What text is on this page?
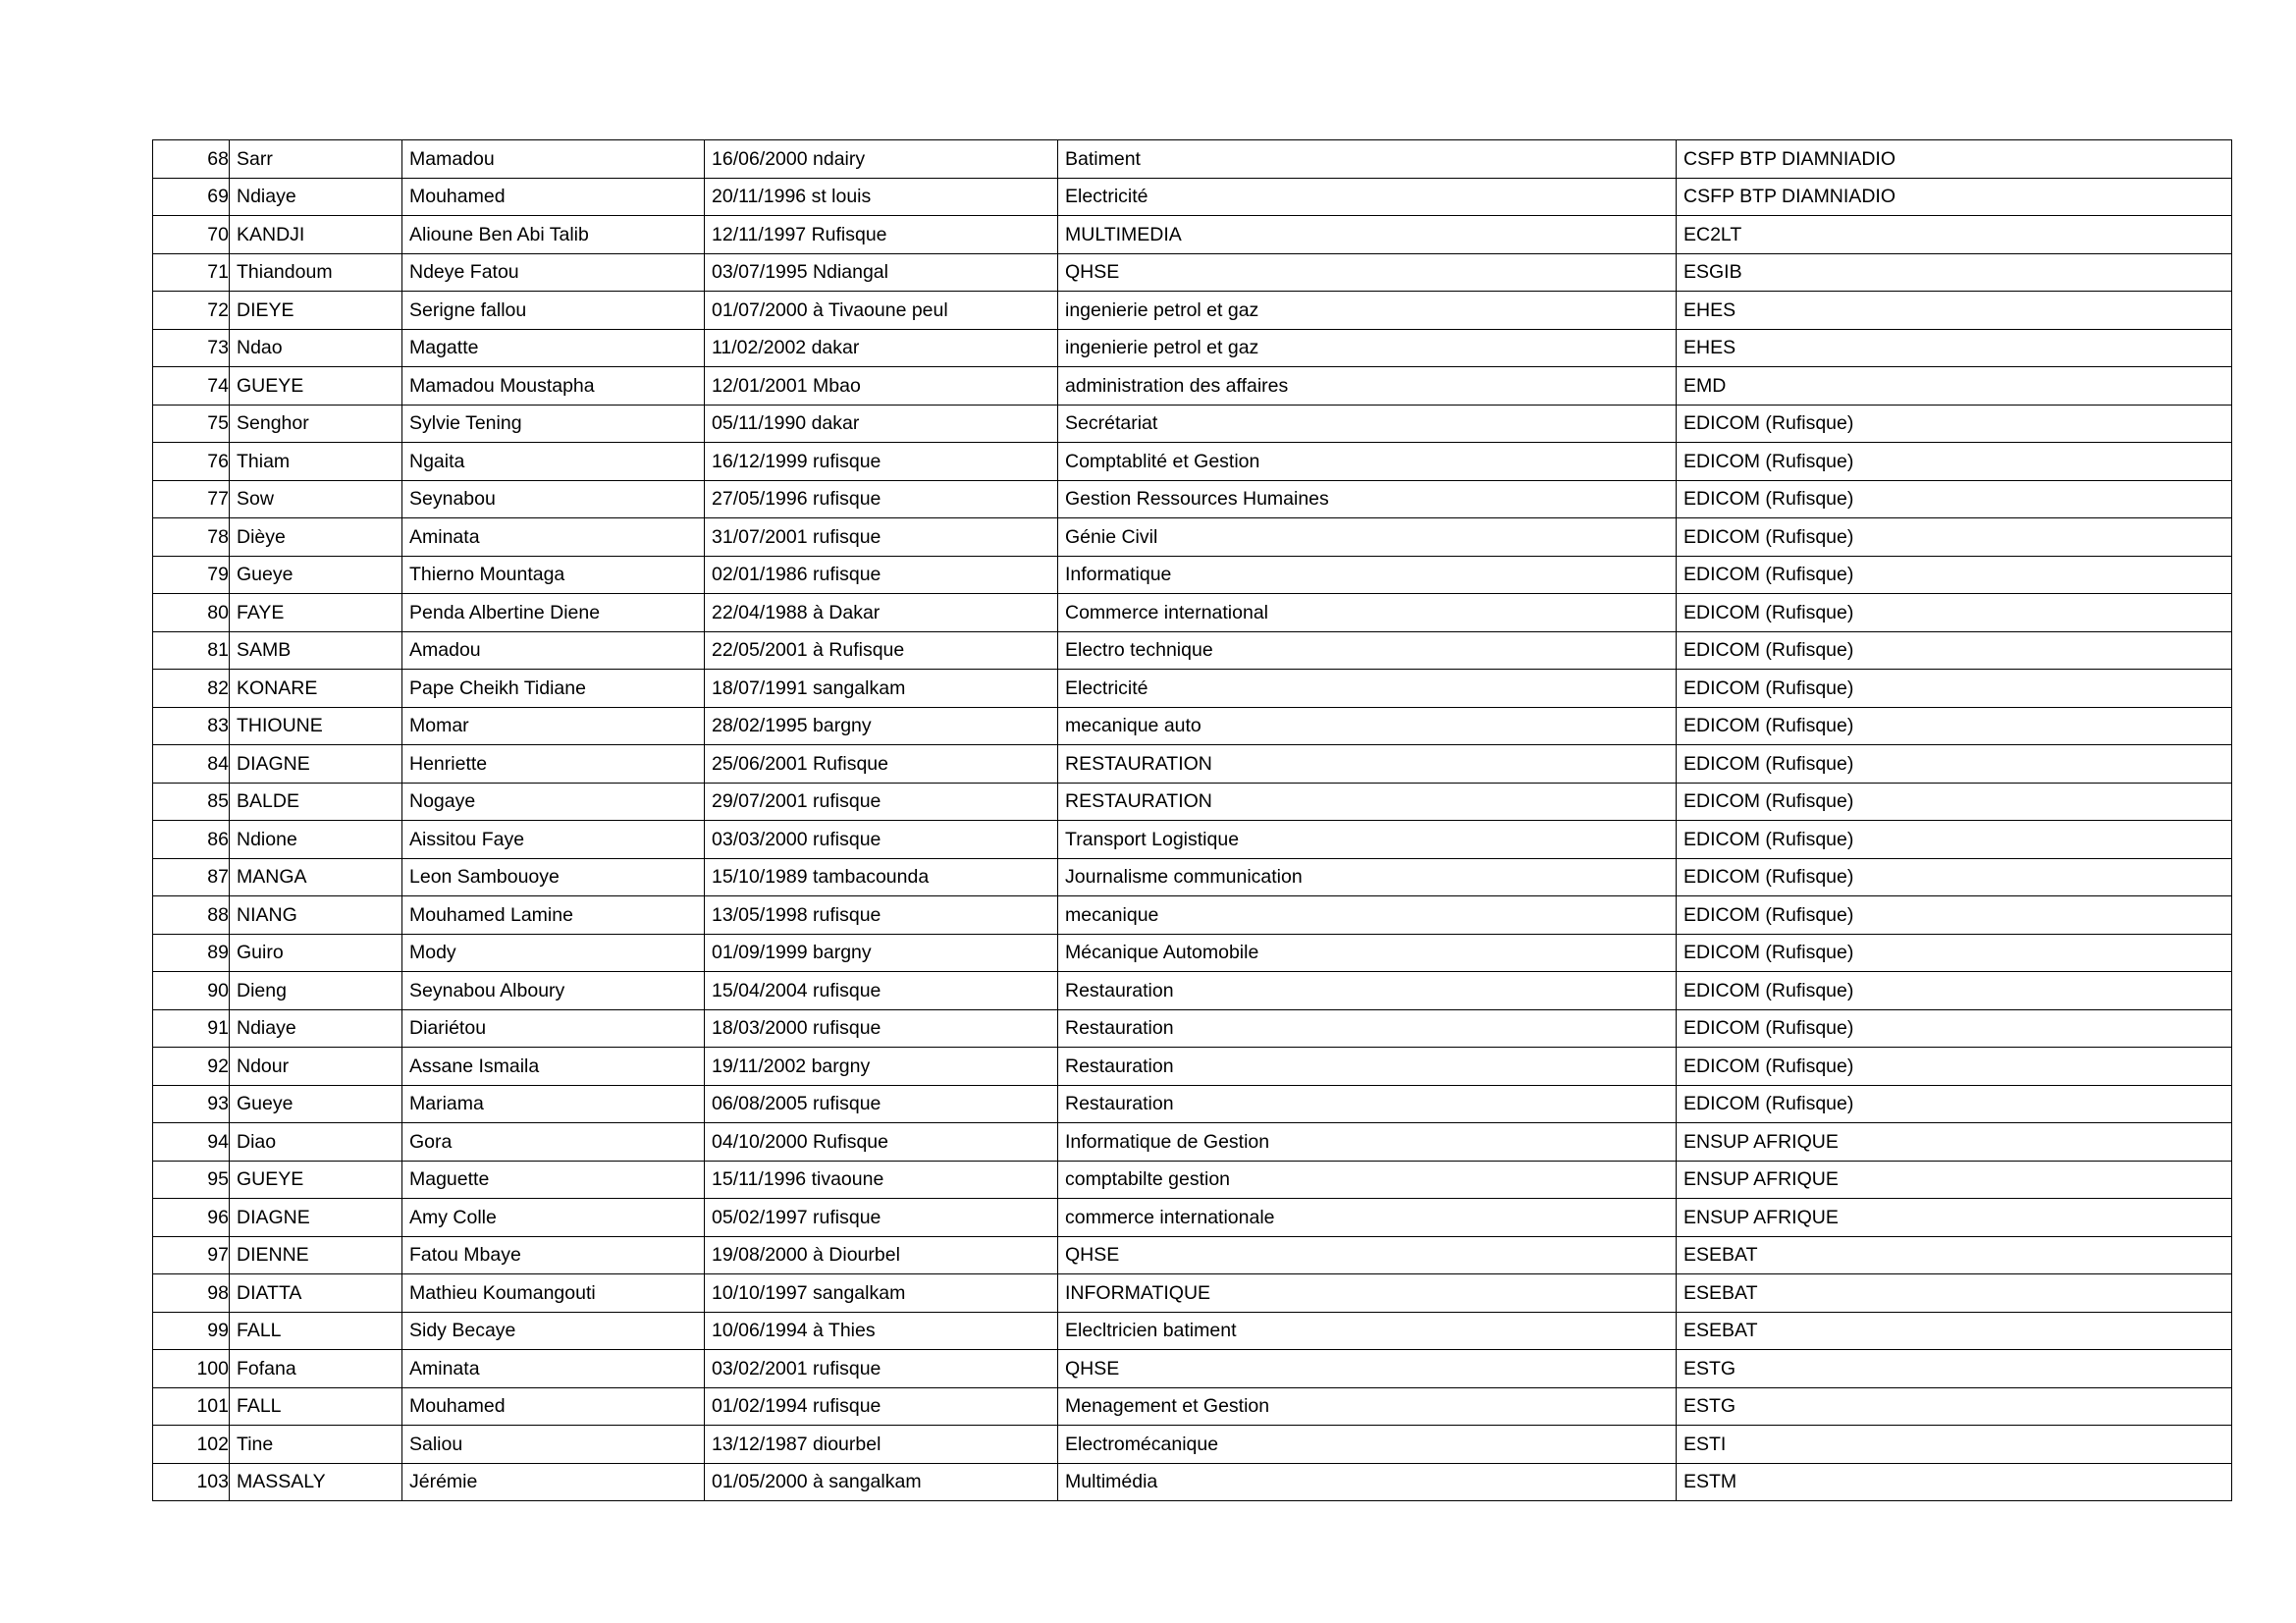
68	Sarr	Mamadou	16/06/2000 ndairy	Batiment	CSFP BTP DIAMNIADIO
69	Ndiaye	Mouhamed	20/11/1996 st louis	Electricité	CSFP BTP DIAMNIADIO
70	KANDJI	Alioune Ben Abi Talib	12/11/1997 Rufisque	MULTIMEDIA	EC2LT
71	Thiandoum	Ndeye Fatou	03/07/1995 Ndiangal	QHSE	ESGIB
72	DIEYE	Serigne fallou	01/07/2000 à Tivaoune peul	ingenierie petrol et gaz	EHES
73	Ndao	Magatte	11/02/2002 dakar	ingenierie petrol et gaz	EHES
74	GUEYE	Mamadou Moustapha	12/01/2001 Mbao	administration des affaires	EMD
75	Senghor	Sylvie Tening	05/11/1990 dakar	Secrétariat	EDICOM (Rufisque)
76	Thiam	Ngaita	16/12/1999 rufisque	Comptablité et Gestion	EDICOM (Rufisque)
77	Sow	Seynabou	27/05/1996 rufisque	Gestion Ressources Humaines	EDICOM (Rufisque)
78	Dièye	Aminata	31/07/2001 rufisque	Génie Civil	EDICOM (Rufisque)
79	Gueye	Thierno Mountaga	02/01/1986 rufisque	Informatique	EDICOM (Rufisque)
80	FAYE	Penda Albertine Diene	22/04/1988 à Dakar	Commerce international	EDICOM (Rufisque)
81	SAMB	Amadou	22/05/2001 à Rufisque	Electro technique	EDICOM (Rufisque)
82	KONARE	Pape Cheikh Tidiane	18/07/1991 sangalkam	Electricité	EDICOM (Rufisque)
83	THIOUNE	Momar	28/02/1995 bargny	mecanique auto	EDICOM (Rufisque)
84	DIAGNE	Henriette	25/06/2001 Rufisque	RESTAURATION	EDICOM (Rufisque)
85	BALDE	Nogaye	29/07/2001 rufisque	RESTAURATION	EDICOM (Rufisque)
86	Ndione	Aissitou Faye	03/03/2000 rufisque	Transport Logistique	EDICOM (Rufisque)
87	MANGA	Leon Sambouoye	15/10/1989 tambacounda	Journalisme communication	EDICOM (Rufisque)
88	NIANG	Mouhamed Lamine	13/05/1998 rufisque	mecanique	EDICOM (Rufisque)
89	Guiro	Mody	01/09/1999 bargny	Mécanique Automobile	EDICOM (Rufisque)
90	Dieng	Seynabou Alboury	15/04/2004 rufisque	Restauration	EDICOM (Rufisque)
91	Ndiaye	Diariétou	18/03/2000 rufisque	Restauration	EDICOM (Rufisque)
92	Ndour	Assane Ismaila	19/11/2002 bargny	Restauration	EDICOM (Rufisque)
93	Gueye	Mariama	06/08/2005 rufisque	Restauration	EDICOM (Rufisque)
94	Diao	Gora	04/10/2000 Rufisque	Informatique de Gestion	ENSUP AFRIQUE
95	GUEYE	Maguette	15/11/1996 tivaoune	comptabilte gestion	ENSUP AFRIQUE
96	DIAGNE	Amy Colle	05/02/1997 rufisque	commerce internationale	ENSUP AFRIQUE
97	DIENNE	Fatou Mbaye	19/08/2000 à Diourbel	QHSE	ESEBAT
98	DIATTA	Mathieu Koumangouti	10/10/1997 sangalkam	INFORMATIQUE	ESEBAT
99	FALL	Sidy Becaye	10/06/1994 à Thies	Elecltricien batiment	ESEBAT
100	Fofana	Aminata	03/02/2001 rufisque	QHSE	ESTG
101	FALL	Mouhamed	01/02/1994 rufisque	Menagement et Gestion	ESTG
102	Tine	Saliou	13/12/1987 diourbel	Electromécanique	ESTI
103	MASSALY	Jérémie	01/05/2000 à sangalkam	Multimédia	ESTM
